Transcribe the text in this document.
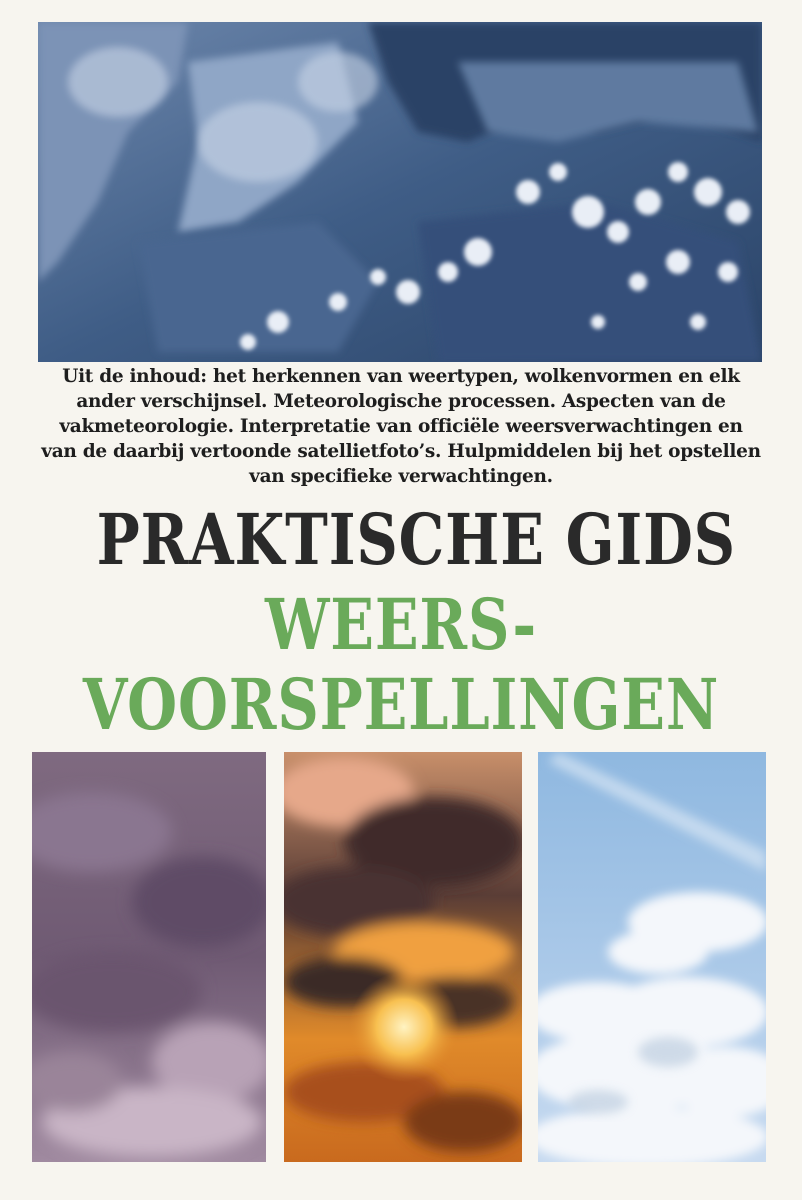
Uit de inhoud: het herkennen van weertypen, wolkenvormen en elk
ander verschijnsel. Meteorologische processen. Aspecten van de
vakmeteorologie. Interpretatie van officiële weersverwachtingen en
van de daarbij vertoonde satellietfoto’s. Hulpmiddelen bij het opstellen
van specifieke verwachtingen.

PRAKTISCHE GIDS
WEERS-
VOORSPELLINGEN
